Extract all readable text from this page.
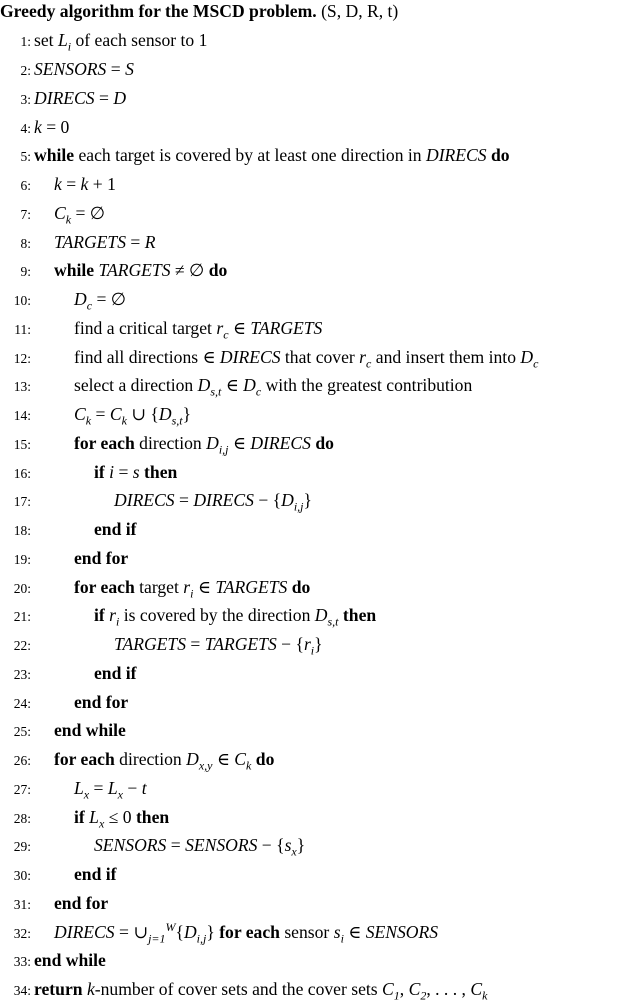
Greedy algorithm for the MSCD problem. (S, D, R, t)
1: set $L_i$ of each sensor to 1
2: SENSORS = S
3: DIRECS = D
4: k = 0
5: while each target is covered by at least one direction in DIRECS do
6: k = k + 1
7: $C_k$ = ∅
8: TARGETS = R
9: while TARGETS ≠ ∅ do
10: $D_c$ = ∅
11: find a critical target $r_c$ ∈ TARGETS
12: find all directions ∈ DIRECS that cover $r_c$ and insert them into $D_c$
13: select a direction $D_{s,t}$ ∈ $D_c$ with the greatest contribution
14: $C_k = C_k$ ∪ $\{D_{s,t}\}$
15: for each direction $D_{i,j}$ ∈ DIRECS do
16:	if i = s then
17:	DIRECS = DIRECS − $\{D_{i,j}\}$
18:	end if
19: end for
20: for each target $r_i$ ∈ TARGETS do
21:	if $r_i$ is covered by the direction $D_{s,t}$ then
22:	TARGETS = TARGETS − $\{r_i\}$
23:	end if
24: end for
25: end while
26: for each direction $D_{x,y}$ ∈ $C_k$ do
27: $L_x = L_x - t$
28: if $L_x \le 0$ then
29:	SENSORS = SENSORS − $\{s_x\}$
30: end if
31: end for
32: DIRECS = $\cup_{j=1}^W\{D_{i,j}\}$ for each sensor $s_i$ ∈ SENSORS
33: end while
34: return k-number of cover sets and the cover sets $C_1$, $C_2$, . . . , $C_k$
